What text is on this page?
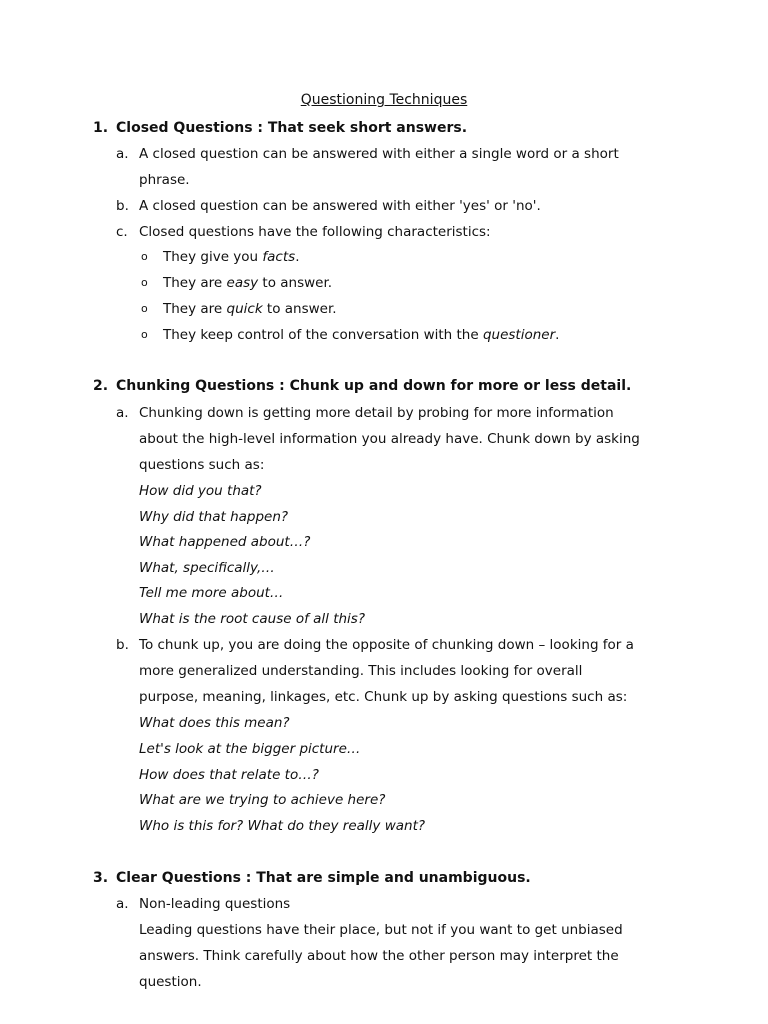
Questioning Techniques
1. Closed Questions : That seek short answers.
a. A closed question can be answered with either a single word or a short
phrase.
b. A closed question can be answered with either 'yes' or 'no'.
c. Closed questions have the following characteristics:
o They give you facts.
o They are easy to answer.
o They are quick to answer.
o They keep control of the conversation with the questioner.
2. Chunking Questions : Chunk up and down for more or less detail.
a. Chunking down is getting more detail by probing for more information
about the high-level information you already have. Chunk down by asking
questions such as:
How did you that?
Why did that happen?
What happened about…?
What, specifically,…
Tell me more about…
What is the root cause of all this?
b. To chunk up, you are doing the opposite of chunking down – looking for a
more generalized understanding. This includes looking for overall
purpose, meaning, linkages, etc. Chunk up by asking questions such as:
What does this mean?
Let's look at the bigger picture…
How does that relate to…?
What are we trying to achieve here?
Who is this for? What do they really want?
3. Clear Questions : That are simple and unambiguous.
a. Non-leading questions
Leading questions have their place, but not if you want to get unbiased
answers. Think carefully about how the other person may interpret the
question.
